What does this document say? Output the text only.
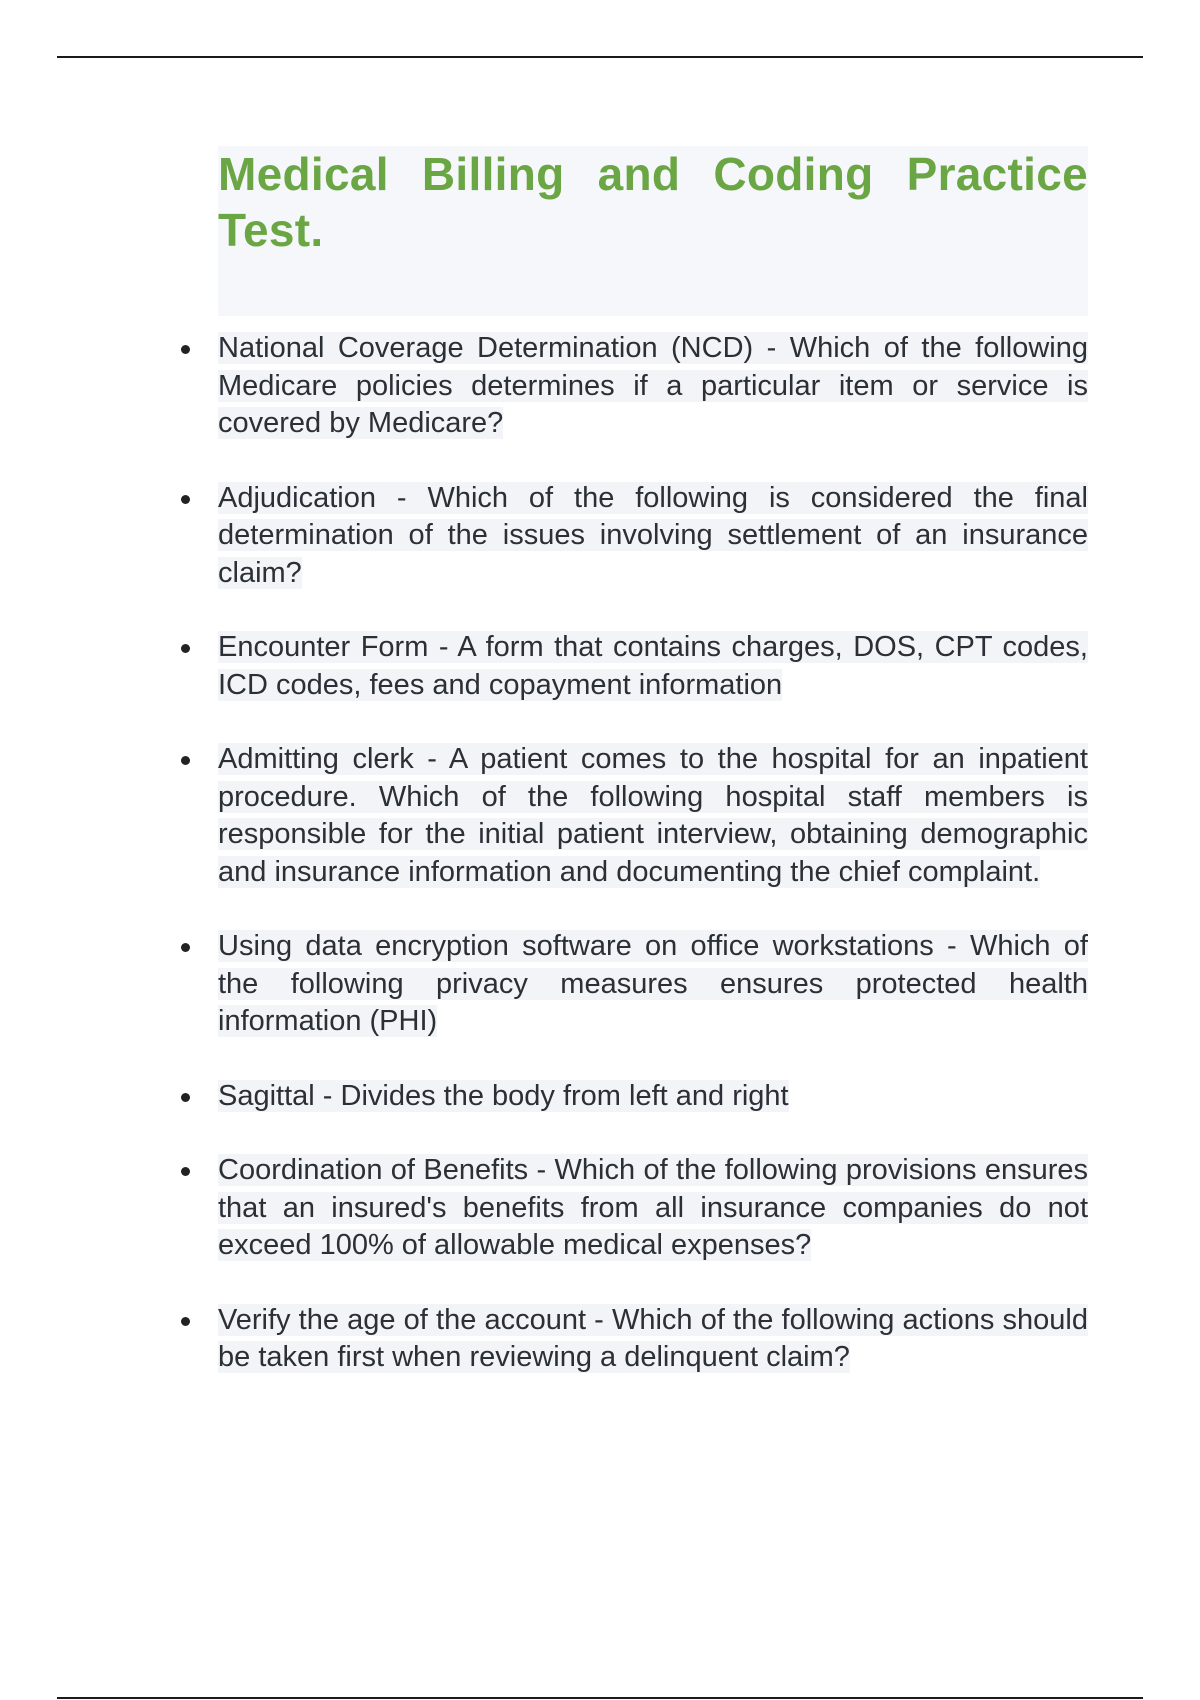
Medical Billing and Coding Practice Test.
National Coverage Determination (NCD) - Which of the following Medicare policies determines if a particular item or service is covered by Medicare?
Adjudication - Which of the following is considered the final determination of the issues involving settlement of an insurance claim?
Encounter Form - A form that contains charges, DOS, CPT codes, ICD codes, fees and copayment information
Admitting clerk - A patient comes to the hospital for an inpatient procedure. Which of the following hospital staff members is responsible for the initial patient interview, obtaining demographic and insurance information and documenting the chief complaint.
Using data encryption software on office workstations - Which of the following privacy measures ensures protected health information (PHI)
Sagittal - Divides the body from left and right
Coordination of Benefits - Which of the following provisions ensures that an insured's benefits from all insurance companies do not exceed 100% of allowable medical expenses?
Verify the age of the account - Which of the following actions should be taken first when reviewing a delinquent claim?
